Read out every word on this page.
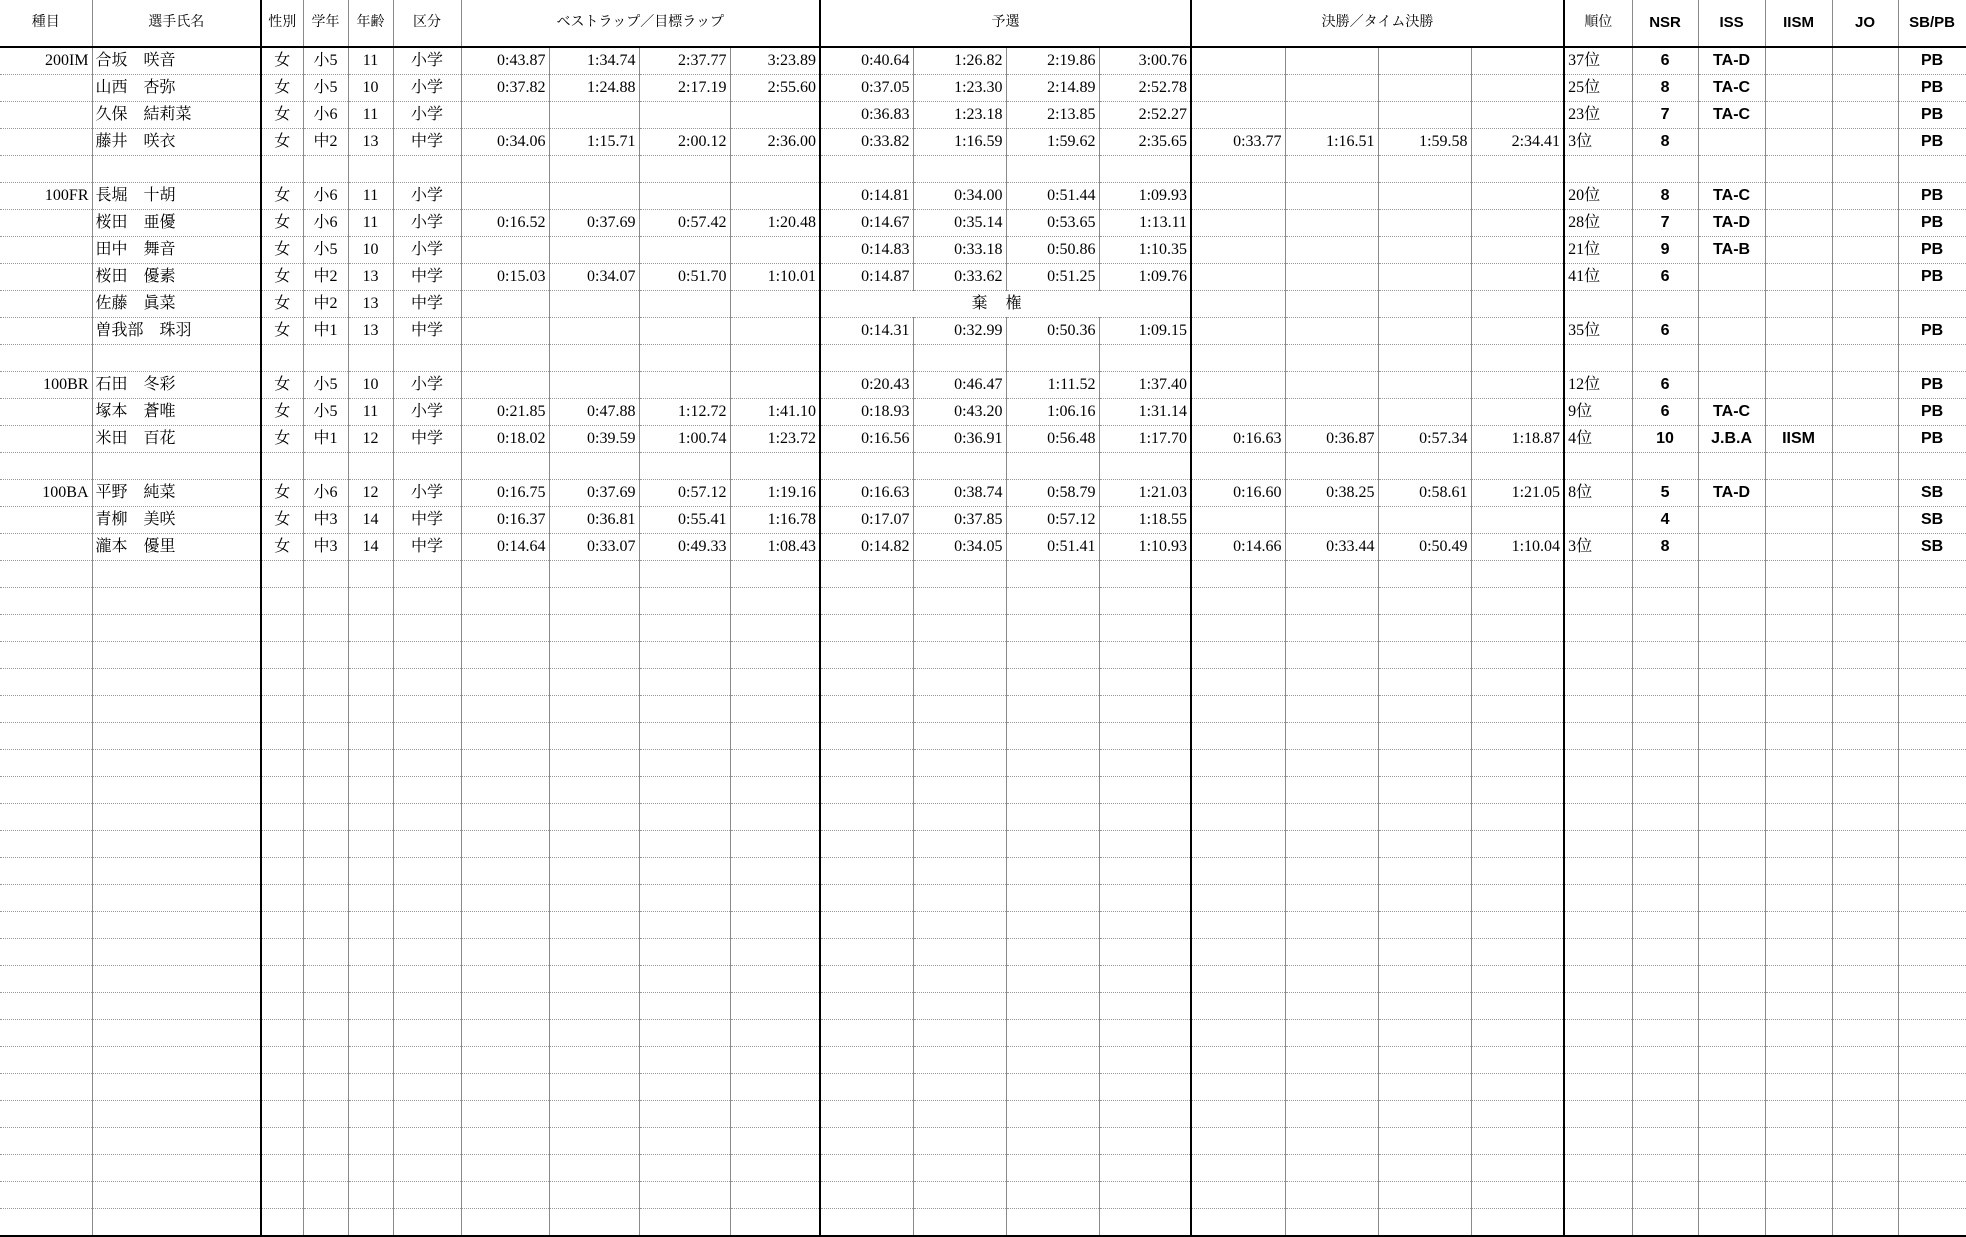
種目	選手氏名	性別	学年	年齢	区分	ベストラップ／目標ラップ				予選				決勝／タイム決勝				順位	NSR	ISS	IISM	JO	SB/PB
200IM	合坂　咲音	女	小5	11	小学	0:43.87	1:34.74	2:37.77	3:23.89	0:40.64	1:26.82	2:19.86	3:00.76					37位	6	TA-D			PB
	山西　杏弥	女	小5	10	小学	0:37.82	1:24.88	2:17.19	2:55.60	0:37.05	1:23.30	2:14.89	2:52.78					25位	8	TA-C			PB
	久保　結莉菜	女	小6	11	小学					0:36.83	1:23.18	2:13.85	2:52.27					23位	7	TA-C			PB
	藤井　咲衣	女	中2	13	中学	0:34.06	1:15.71	2:00.12	2:36.00	0:33.82	1:16.59	1:59.62	2:35.65	0:33.77	1:16.51	1:59.58	2:34.41	3位	8				PB

100FR	長堀　十胡	女	小6	11	小学					0:14.81	0:34.00	0:51.44	1:09.93					20位	8	TA-C			PB
	桜田　亜優	女	小6	11	小学	0:16.52	0:37.69	0:57.42	1:20.48	0:14.67	0:35.14	0:53.65	1:13.11					28位	7	TA-D			PB
	田中　舞音	女	小5	10	小学					0:14.83	0:33.18	0:50.86	1:10.35					21位	9	TA-B			PB
	桜田　優素	女	中2	13	中学	0:15.03	0:34.07	0:51.70	1:10.01	0:14.87	0:33.62	0:51.25	1:09.76					41位	6				PB
	佐藤　眞菜	女	中2	13	中学					棄権													
	曽我部　珠羽	女	中1	13	中学					0:14.31	0:32.99	0:50.36	1:09.15					35位	6				PB

100BR	石田　冬彩	女	小5	10	小学					0:20.43	0:46.47	1:11.52	1:37.40					12位	6				PB
	塚本　蒼唯	女	小5	11	小学	0:21.85	0:47.88	1:12.72	1:41.10	0:18.93	0:43.20	1:06.16	1:31.14					9位	6	TA-C			PB
	米田　百花	女	中1	12	中学	0:18.02	0:39.59	1:00.74	1:23.72	0:16.56	0:36.91	0:56.48	1:17.70	0:16.63	0:36.87	0:57.34	1:18.87	4位	10	J.B.A	IISM		PB

100BA	平野　純菜	女	小6	12	小学	0:16.75	0:37.69	0:57.12	1:19.16	0:16.63	0:38.74	0:58.79	1:21.03	0:16.60	0:38.25	0:58.61	1:21.05	8位	5	TA-D			SB
	青柳　美咲	女	中3	14	中学	0:16.37	0:36.81	0:55.41	1:16.78	0:17.07	0:37.85	0:57.12	1:18.55						4				SB
	瀧本　優里	女	中3	14	中学	0:14.64	0:33.07	0:49.33	1:08.43	0:14.82	0:34.05	0:51.41	1:10.93	0:14.66	0:33.44	0:50.49	1:10.04	3位	8				SB
